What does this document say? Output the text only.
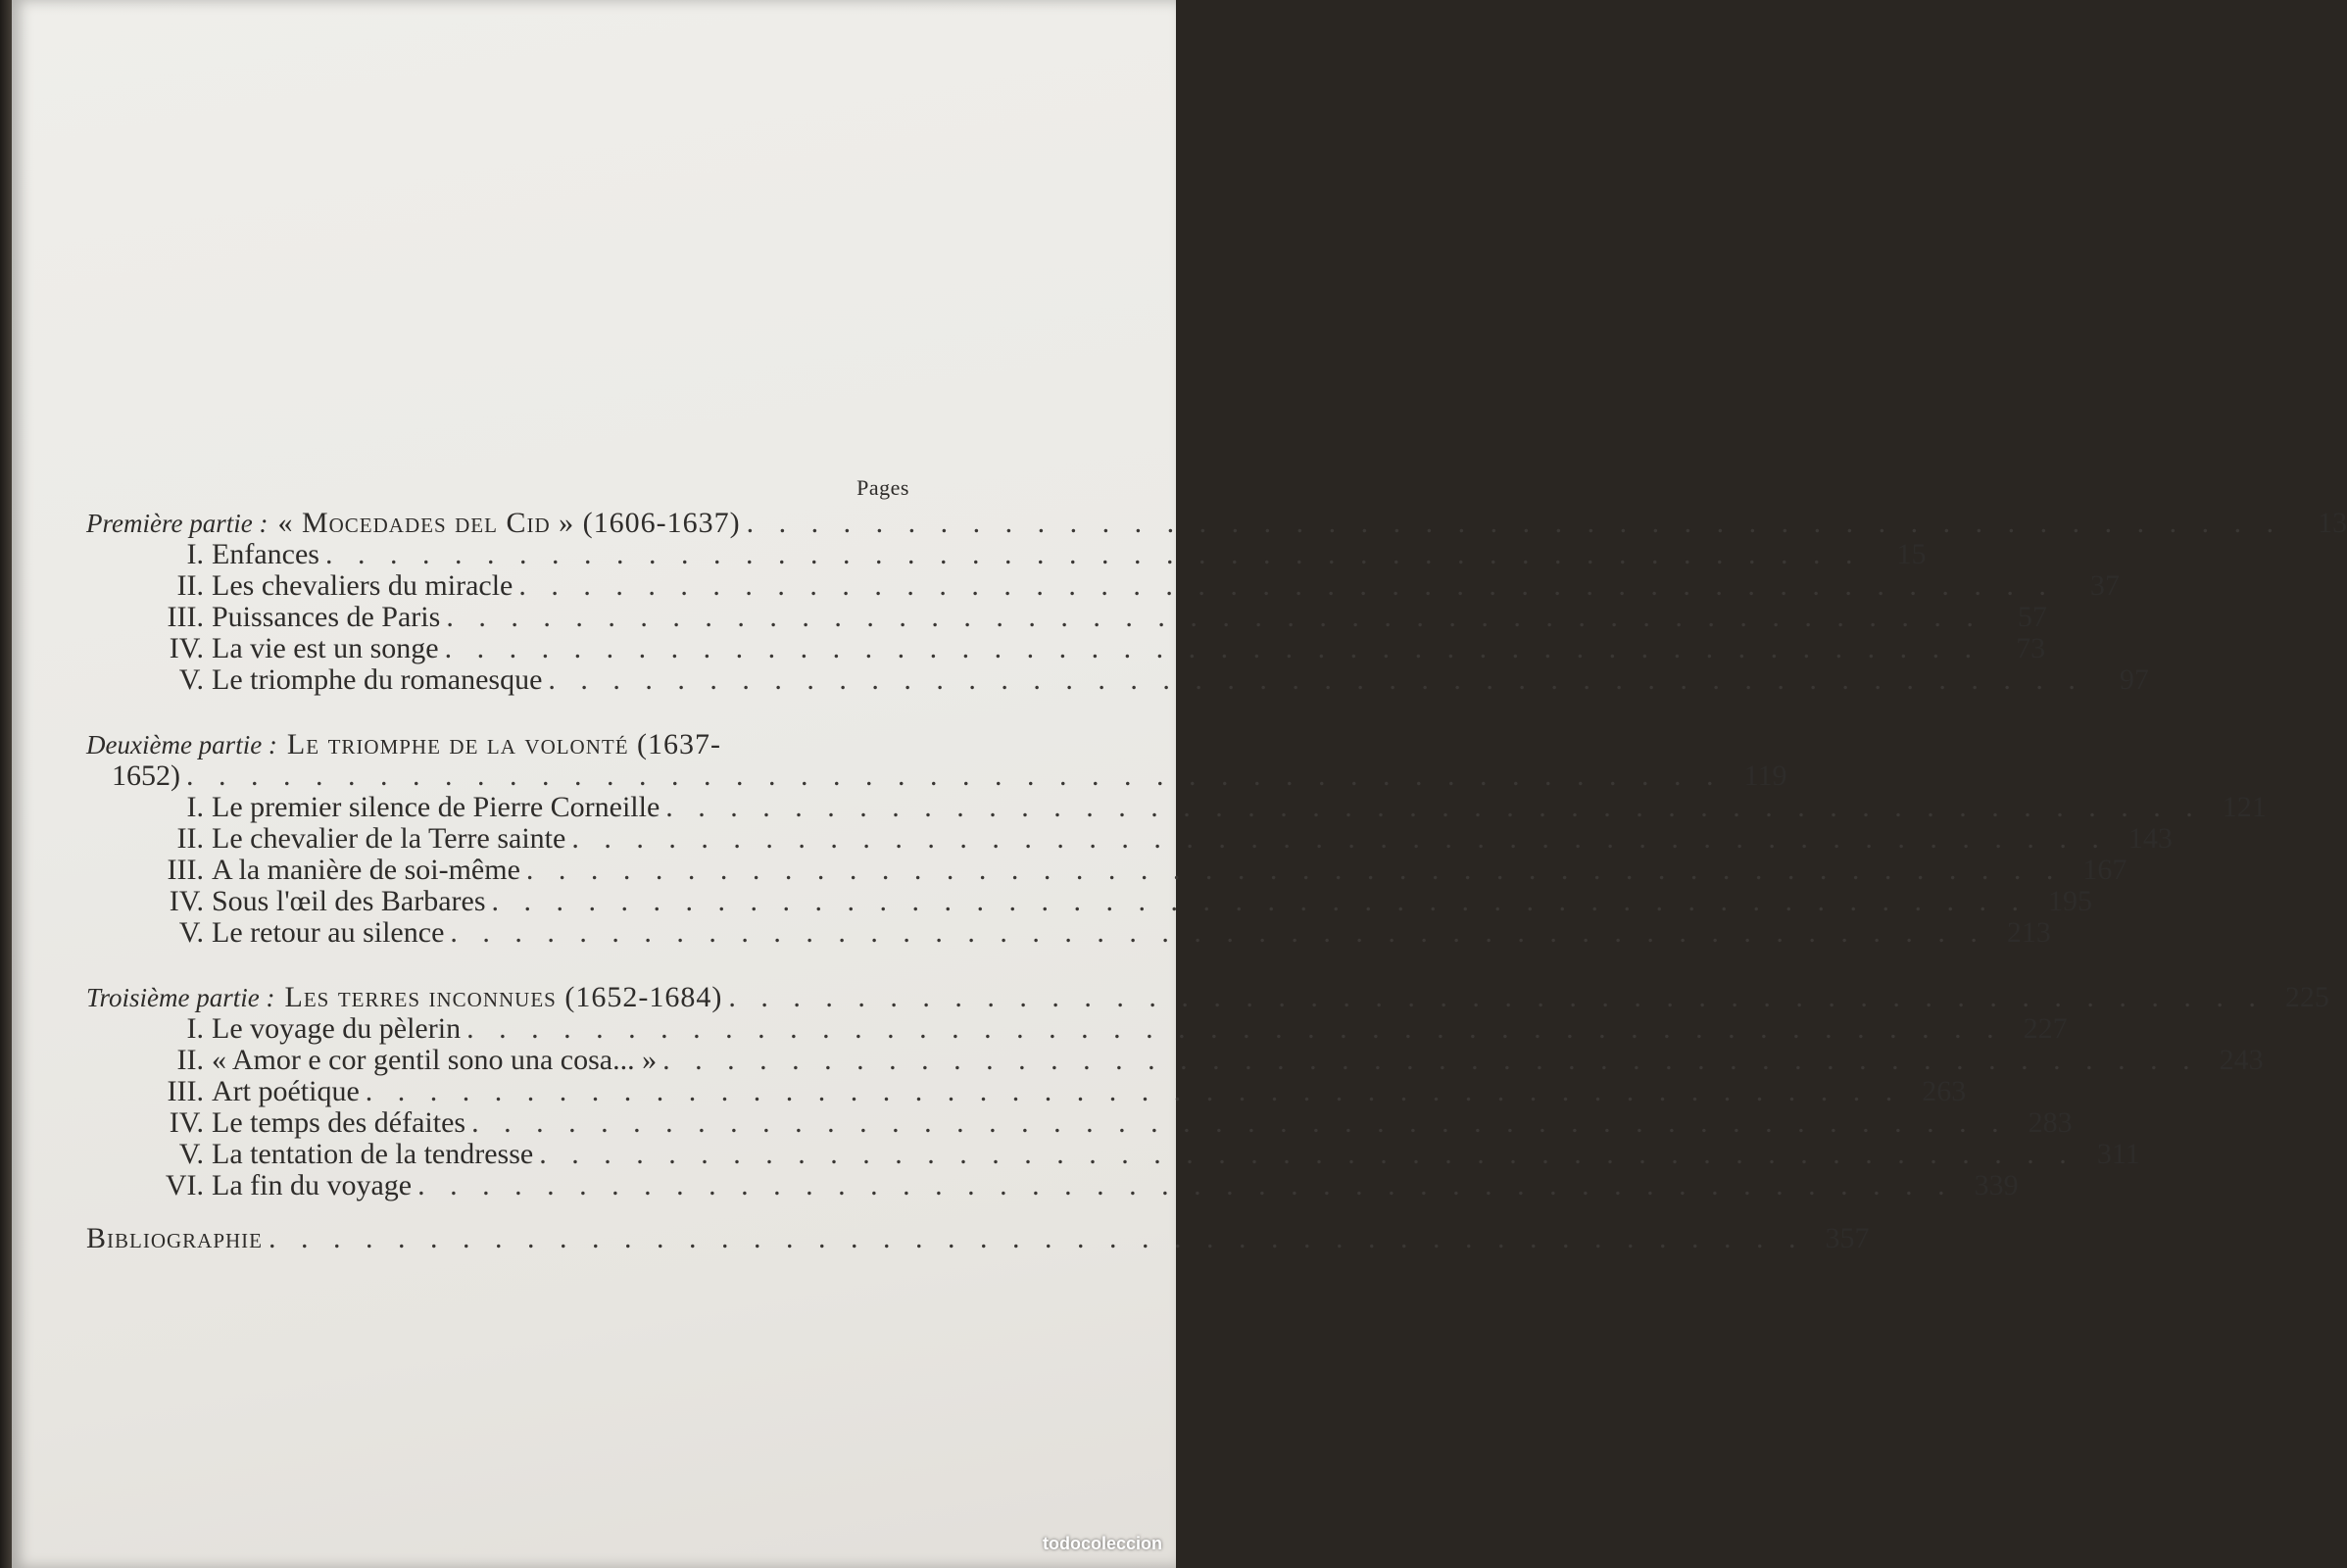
Pages
Première partie : « Mocedades del Cid » (1606-1637) . . . . . . . . . . . . . . . . . . . . . . . . . . . . . . . . . . . . . . . . . . . . . . . .	13
I. Enfances . . . . . . . . . . . . . . . . . . . . . . . . . . . . . . . . . . . . . . . . . . . . . . . .	15
II. Les chevaliers du miracle . . . . . . . . . . . . . . . . . . . . . . . . . . . . . . . . . . . . . . . . . . . . . . . .	37
III. Puissances de Paris . . . . . . . . . . . . . . . . . . . . . . . . . . . . . . . . . . . . . . . . . . . . . . . .	57
IV. La vie est un songe . . . . . . . . . . . . . . . . . . . . . . . . . . . . . . . . . . . . . . . . . . . . . . . .	73
V. Le triomphe du romanesque . . . . . . . . . . . . . . . . . . . . . . . . . . . . . . . . . . . . . . . . . . . . . . . .	97
Deuxième partie : Le triomphe de la volonté (1637-
1652) . . . . . . . . . . . . . . . . . . . . . . . . . . . . . . . . . . . . . . . . . . . . . . . . 119
I. Le premier silence de Pierre Corneille . . . . . . . . . . . . . . . . . . . . . . . . . . . . . . . . . . . . . . . . . . . . . . . . 121
II. Le chevalier de la Terre sainte . . . . . . . . . . . . . . . . . . . . . . . . . . . . . . . . . . . . . . . . . . . . . . . . 143
III. A la manière de soi-même . . . . . . . . . . . . . . . . . . . . . . . . . . . . . . . . . . . . . . . . . . . . . . . . 167
IV. Sous l'œil des Barbares . . . . . . . . . . . . . . . . . . . . . . . . . . . . . . . . . . . . . . . . . . . . . . . . 195
V. Le retour au silence . . . . . . . . . . . . . . . . . . . . . . . . . . . . . . . . . . . . . . . . . . . . . . . . 213
Troisième partie : Les terres inconnues (1652-1684) . . . . . . . . . . . . . . . . . . . . . . . . . . . . . . . . . . . . . . . . . . . . . . . . 225
I. Le voyage du pèlerin . . . . . . . . . . . . . . . . . . . . . . . . . . . . . . . . . . . . . . . . . . . . . . . . 227
II. « Amor e cor gentil sono una cosa... » . . . . . . . . . . . . . . . . . . . . . . . . . . . . . . . . . . . . . . . . . . . . . . . . 243
III. Art poétique . . . . . . . . . . . . . . . . . . . . . . . . . . . . . . . . . . . . . . . . . . . . . . . . 263
IV. Le temps des défaites . . . . . . . . . . . . . . . . . . . . . . . . . . . . . . . . . . . . . . . . . . . . . . . . 283
V. La tentation de la tendresse . . . . . . . . . . . . . . . . . . . . . . . . . . . . . . . . . . . . . . . . . . . . . . . . 311
VI. La fin du voyage . . . . . . . . . . . . . . . . . . . . . . . . . . . . . . . . . . . . . . . . . . . . . . . . 339
Bibliographie . . . . . . . . . . . . . . . . . . . . . . . . . . . . . . . . . . . . . . . . . . . . . . . . 357
todocoleccion
